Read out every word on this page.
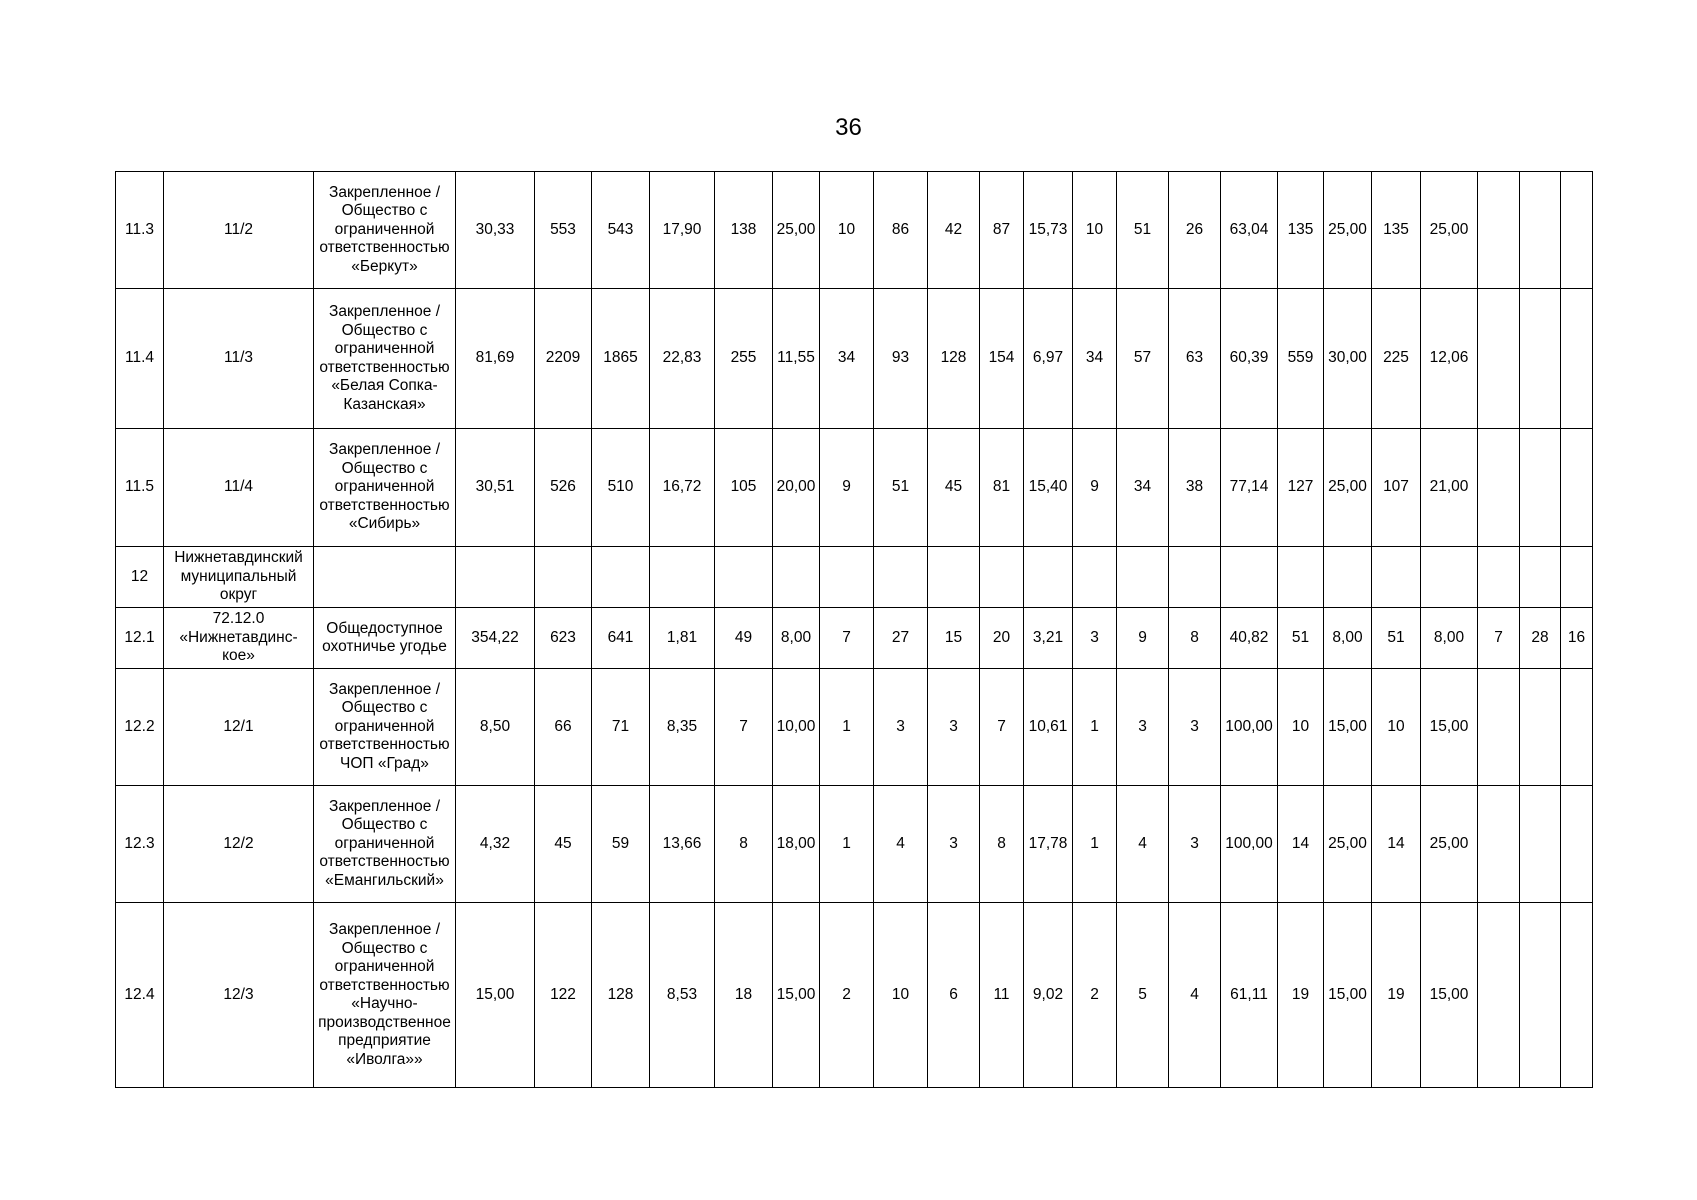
36
11.3	11/2	Закрепленное / Общество с ограниченной ответственностью «Беркут»	30,33	553	543	17,90	138	25,00	10	86	42	87	15,73	10	51	26	63,04	135	25,00	135	25,00			
11.4	11/3	Закрепленное / Общество с ограниченной ответственностью «Белая Сопка-Казанская»	81,69	2209	1865	22,83	255	11,55	34	93	128	154	6,97	34	57	63	60,39	559	30,00	225	12,06			
11.5	11/4	Закрепленное / Общество с ограниченной ответственностью «Сибирь»	30,51	526	510	16,72	105	20,00	9	51	45	81	15,40	9	34	38	77,14	127	25,00	107	21,00			
12	Нижнетавдинский муниципальный округ																							
12.1	72.12.0 «Нижнетавдинс-кое»	Общедоступное охотничье угодье	354,22	623	641	1,81	49	8,00	7	27	15	20	3,21	3	9	8	40,82	51	8,00	51	8,00	7	28	16
12.2	12/1	Закрепленное / Общество с ограниченной ответственностью ЧОП «Град»	8,50	66	71	8,35	7	10,00	1	3	3	7	10,61	1	3	3	100,00	10	15,00	10	15,00			
12.3	12/2	Закрепленное / Общество с ограниченной ответственностью «Емангильский»	4,32	45	59	13,66	8	18,00	1	4	3	8	17,78	1	4	3	100,00	14	25,00	14	25,00			
12.4	12/3	Закрепленное / Общество с ограниченной ответственностью «Научно-производственное предприятие «Иволга»»	15,00	122	128	8,53	18	15,00	2	10	6	11	9,02	2	5	4	61,11	19	15,00	19	15,00			
